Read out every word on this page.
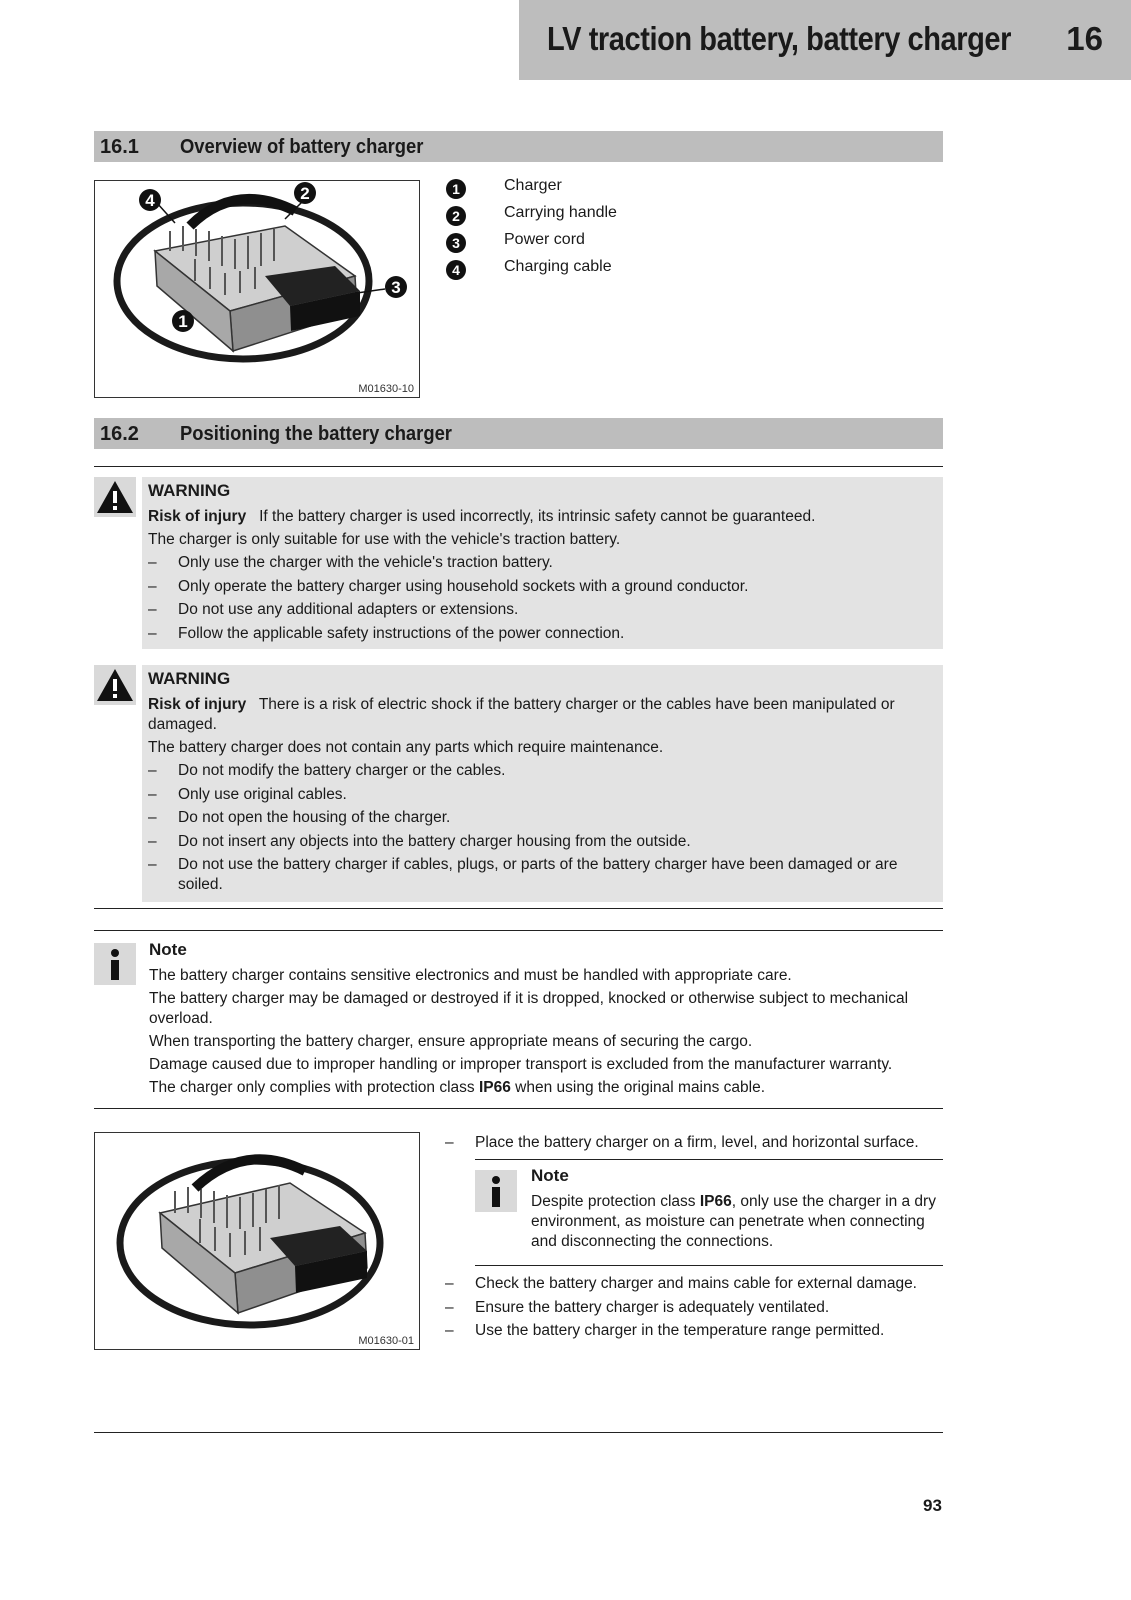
LV traction battery, battery charger 16
16.1 Overview of battery charger
4	2
3
1
M01630-10
1	Charger
2	Carrying handle
3	Power cord
4	Charging cable
16.2 Positioning the battery charger
WARNING
Risk of injury If the battery charger is used incorrectly, its intrinsic safety cannot be guaranteed.
The charger is only suitable for use with the vehicle's traction battery.
– Only use the charger with the vehicle's traction battery.
– Only operate the battery charger using household sockets with a ground conductor.
– Do not use any additional adapters or extensions.
– Follow the applicable safety instructions of the power connection.
WARNING
Risk of injury There is a risk of electric shock if the battery charger or the cables have been manipulated or damaged.
The battery charger does not contain any parts which require maintenance.
– Do not modify the battery charger or the cables.
– Only use original cables.
– Do not open the housing of the charger.
– Do not insert any objects into the battery charger housing from the outside.
– Do not use the battery charger if cables, plugs, or parts of the battery charger have been damaged or are soiled.
Note
The battery charger contains sensitive electronics and must be handled with appropriate care.
The battery charger may be damaged or destroyed if it is dropped, knocked or otherwise subject to mechanical overload.
When transporting the battery charger, ensure appropriate means of securing the cargo.
Damage caused due to improper handling or improper transport is excluded from the manufacturer warranty.
The charger only complies with protection class IP66 when using the original mains cable.
M01630-01
– Place the battery charger on a firm, level, and horizontal surface.
Note
Despite protection class IP66, only use the charger in a dry environment, as moisture can penetrate when connecting and disconnecting the connections.
– Check the battery charger and mains cable for external damage.
– Ensure the battery charger is adequately ventilated.
– Use the battery charger in the temperature range permitted.
93
